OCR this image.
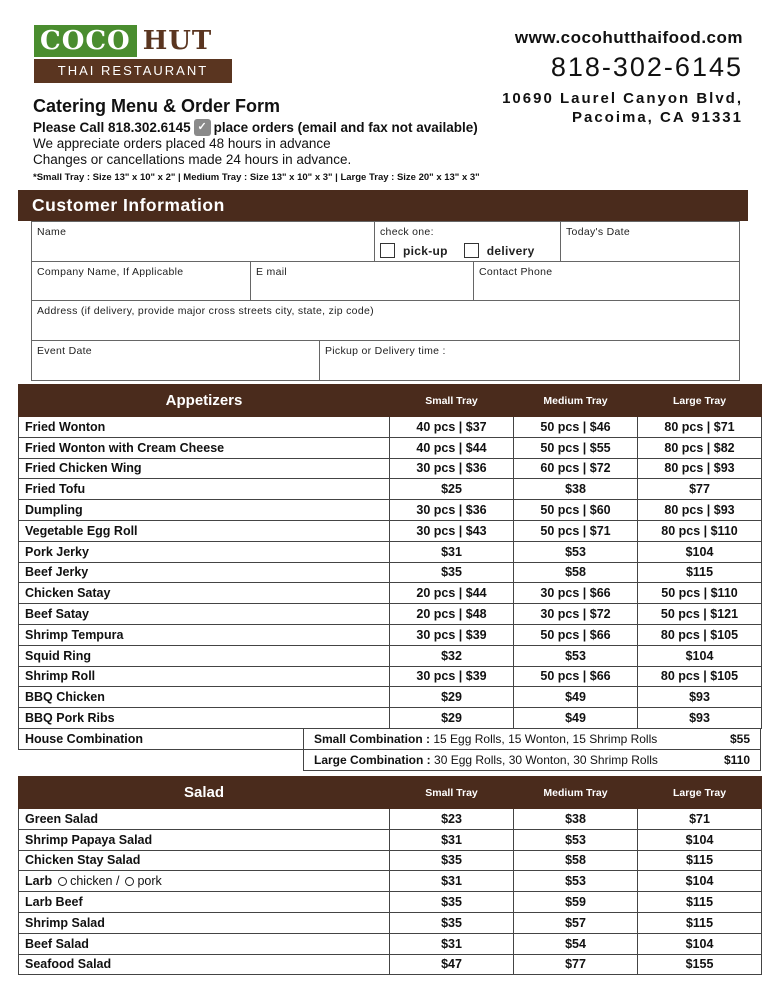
COCO HUT
THAI RESTAURANT
www.cocohutthaifood.com
818-302-6145
10690 Laurel Canyon Blvd,
Pacoima, CA 91331
Catering Menu & Order Form
Please Call 818.302.6145 ✓ place orders (email and fax not available)
We appreciate orders placed 48 hours in advance
Changes or cancellations made 24 hours in advance.
*Small Tray : Size 13" x 10" x 2" | Medium Tray : Size 13" x 10" x 3" | Large Tray : Size 20" x 13" x 3"
Customer Information
Name	check one:
pick-up	delivery
Today's Date
Company Name, If Applicable	E mail	Contact Phone
Address (if delivery, provide major cross streets city, state, zip code)
Event Date	Pickup or Delivery time :
Appetizers	Small Tray	Medium Tray	Large Tray
Fried Wonton	40 pcs | $37	50 pcs | $46	80 pcs | $71
Fried Wonton with Cream Cheese	40 pcs | $44	50 pcs | $55	80 pcs | $82
Fried Chicken Wing	30 pcs | $36	60 pcs | $72	80 pcs | $93
Fried Tofu	$25	$38	$77
Dumpling	30 pcs | $36	50 pcs | $60	80 pcs | $93
Vegetable Egg Roll	30 pcs | $43	50 pcs | $71	80 pcs | $110
Pork Jerky	$31	$53	$104
Beef Jerky	$35	$58	$115
Chicken Satay	20 pcs | $44	30 pcs | $66	50 pcs | $110
Beef Satay	20 pcs | $48	30 pcs | $72	50 pcs | $121
Shrimp Tempura	30 pcs | $39	50 pcs | $66	80 pcs | $105
Squid Ring	$32	$53	$104
Shrimp Roll	30 pcs | $39	50 pcs | $66	80 pcs | $105
BBQ Chicken	$29	$49	$93
BBQ Pork Ribs	$29	$49	$93
House Combination	Small Combination : 15 Egg Rolls, 15 Wonton, 15 Shrimp Rolls	$55
Large Combination : 30 Egg Rolls, 30 Wonton, 30 Shrimp Rolls	$110
Salad	Small Tray	Medium Tray	Large Tray
Green Salad	$23	$38	$71
Shrimp Papaya Salad	$31	$53	$104
Chicken Stay Salad	$35	$58	$115
Larb chicken / pork	$31	$53	$104
Larb Beef	$35	$59	$115
Shrimp Salad	$35	$57	$115
Beef Salad	$31	$54	$104
Seafood Salad	$47	$77	$155
